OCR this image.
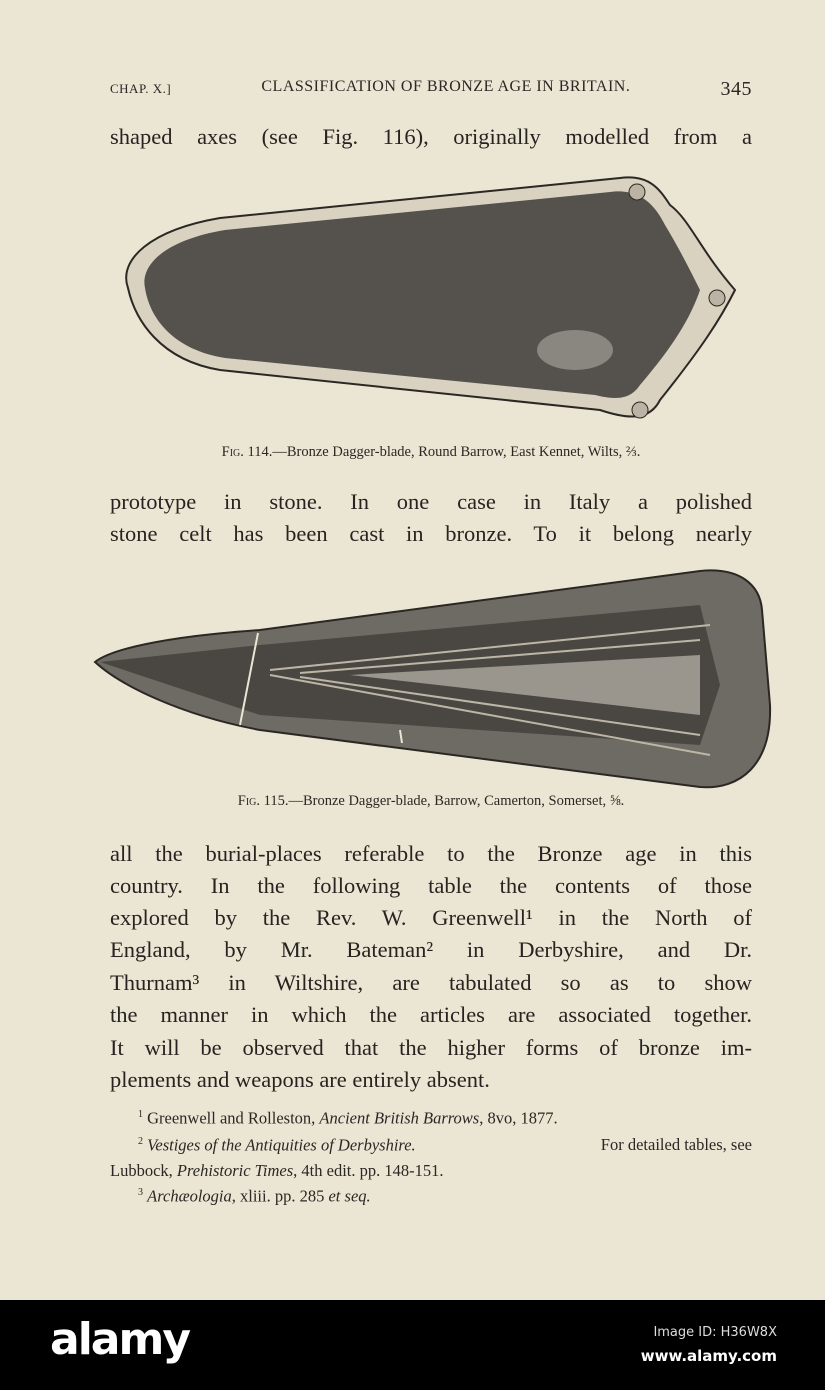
CHAP. X.]	CLASSIFICATION OF BRONZE AGE IN BRITAIN.	345
shaped axes (see Fig. 116), originally modelled from a
Fig. 114.—Bronze Dagger-blade, Round Barrow, East Kennet, Wilts, ⅔.
prototype in stone. In one case in Italy a polished
stone celt has been cast in bronze. To it belong nearly
Fig. 115.—Bronze Dagger-blade, Barrow, Camerton, Somerset, ⅝.
all the burial-places referable to the Bronze age in this
country. In the following table the contents of those
explored by the Rev. W. Greenwell¹ in the North of
England, by Mr. Bateman² in Derbyshire, and Dr.
Thurnam³ in Wiltshire, are tabulated so as to show
the manner in which the articles are associated together.
It will be observed that the higher forms of bronze im-
plements and weapons are entirely absent.
$^1$ Greenwell and Rolleston, Ancient British Barrows, 8vo, 1877.
$^2$ Vestiges of the Antiquities of Derbyshire.	For detailed tables, see
Lubbock, Prehistoric Times, 4th edit. pp. 148-151.
$^3$ Archæologia, xliii. pp. 285 et seq.
alamy	Image ID: H36W8X
www.alamy.com
